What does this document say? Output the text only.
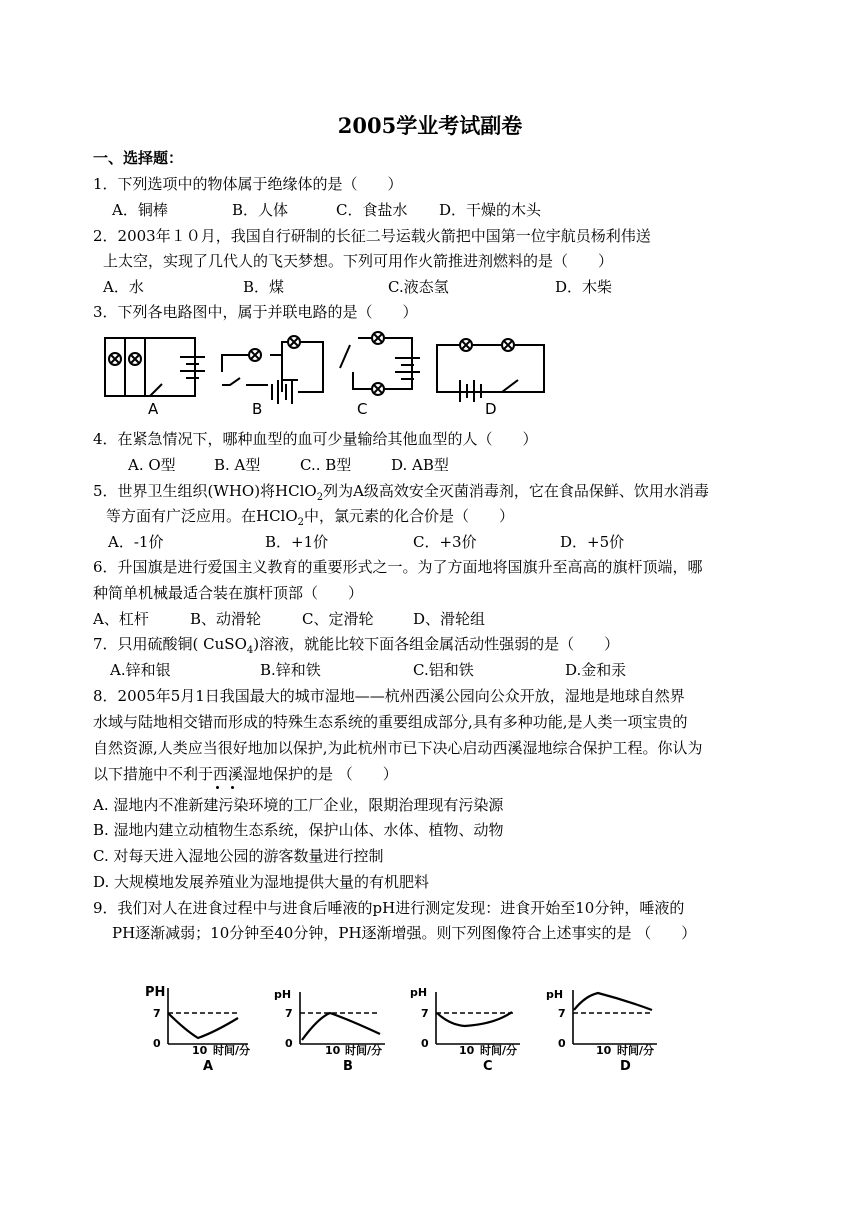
2005学业考试副卷
一、选择题：
1．下列选项中的物体属于绝缘体的是（　　）
A．铜棒	B．人体	C．食盐水 D．干燥的木头
2．2003年１０月，我国自行研制的长征二号运载火箭把中国第一位宇航员杨利伟送
上太空，实现了几代人的飞天梦想。下列可用作火箭推进剂燃料的是（　　）
A．水	B．煤	C.液态氢	D．木柴
3．下列各电路图中，属于并联电路的是（　　）
A	B	C	D
4．在紧急情况下，哪种血型的血可少量输给其他血型的人（　　）
A. O型	B. A型	C.. B型	D. AB型
5．世界卫生组织(WHO)将HClO$_2$列为A级高效安全灭菌消毒剂，它在食品保鲜、饮用水消毒
等方面有广泛应用。在HClO$_2$中，氯元素的化合价是（　　）
A．-1价	B．+1价	C．+3价	D．+5价
6．升国旗是进行爱国主义教育的重要形式之一。为了方面地将国旗升至高高的旗杆顶端，哪
种简单机械最适合装在旗杆顶部（　　）
A、杠杆	B、动滑轮	C、定滑轮	D、滑轮组
7．只用硫酸铜( CuSO$_4$)溶液，就能比较下面各组金属活动性强弱的是（　　）
A.锌和银	B.锌和铁	C.铝和铁	D.金和汞
8．2005年5月1日我国最大的城市湿地——杭州西溪公园向公众开放，湿地是地球自然界
水域与陆地相交错而形成的特殊生态系统的重要组成部分,具有多种功能,是人类一项宝贵的
自然资源,人类应当很好地加以保护,为此杭州市已下决心启动西溪湿地综合保护工程。你认为
以下措施中不利于西溪湿地保护的是 （　　）
A. 湿地内不准新建污染环境的工厂企业，限期治理现有污染源
B. 湿地内建立动植物生态系统，保护山体、水体、植物、动物
C. 对每天进入湿地公园的游客数量进行控制
D. 大规模地发展养殖业为湿地提供大量的有机肥料
9．我们对人在进食过程中与进食后唾液的pH进行测定发现：进食开始至10分钟，唾液的
PH逐渐减弱；10分钟至40分钟，PH逐渐增强。则下列图像符合上述事实的是 （　　）
PH
7
0
10 时间/分
A
pH
7
0
10 时间/分
B
pH
7
0
10 时间/分
C
pH
7
0
10 时间/分
D
